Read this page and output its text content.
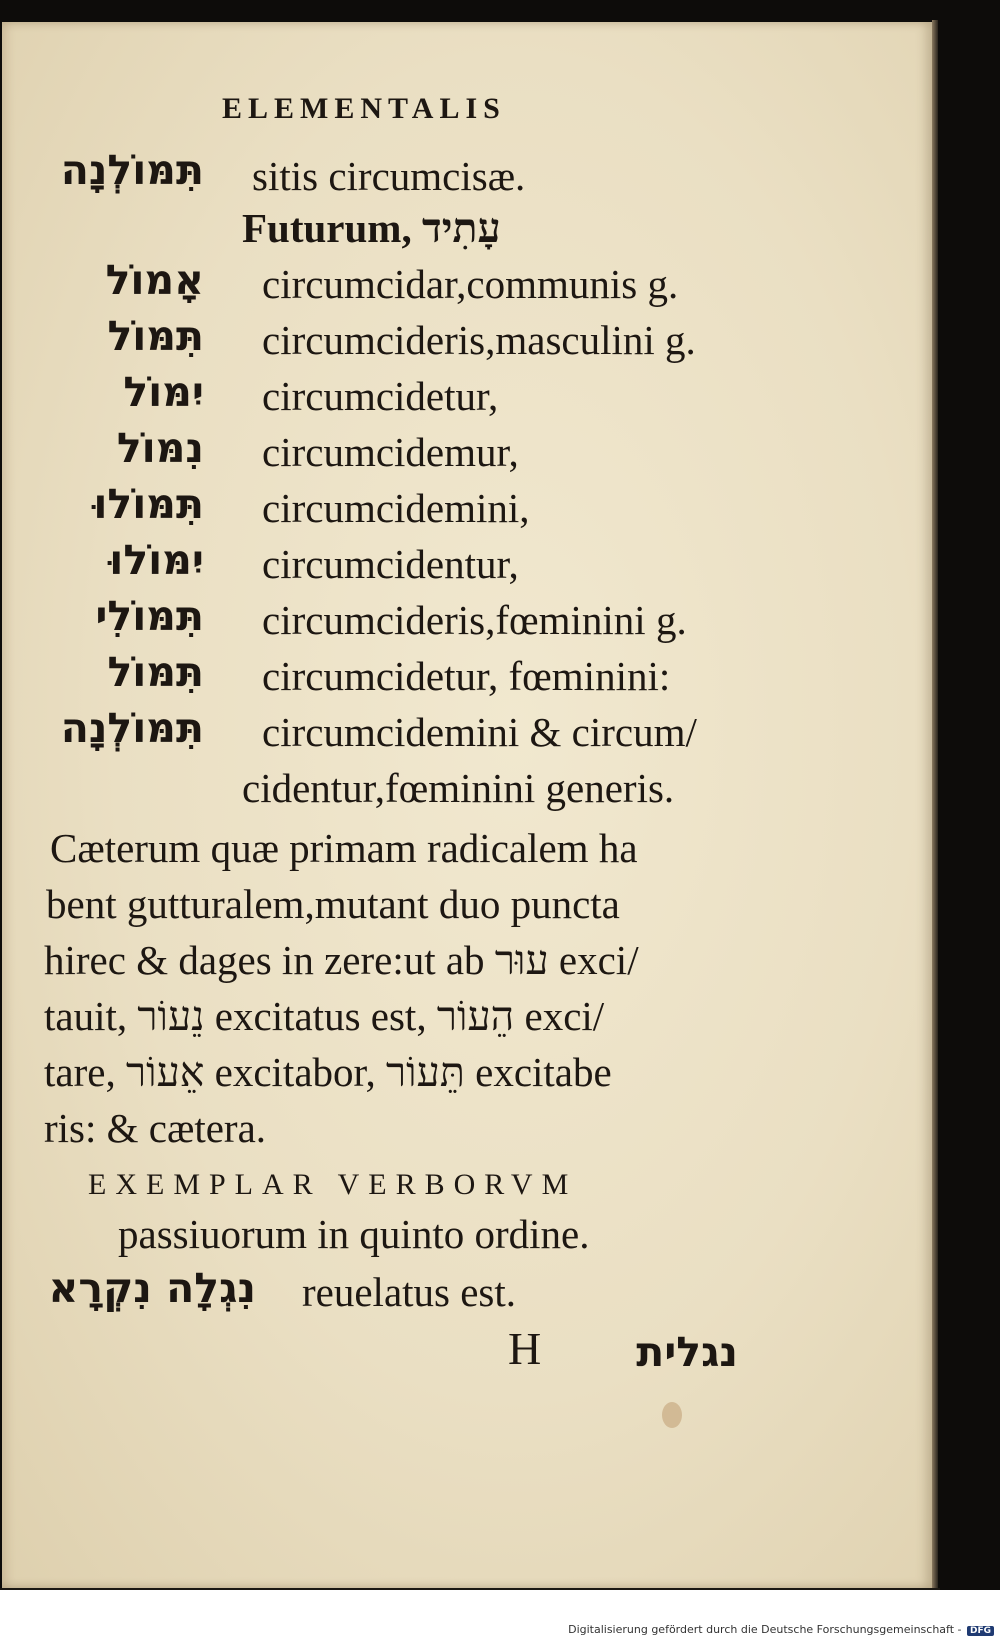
ELEMENTALIS
תִּמּוֹלְנָה sitis circumcisæ.
Futurum, עָתִיד
אָמוֹל circumcidar,communis g.
תִּמּוֹל circumcideris,masculini g.
יִמּוֹל circumcidetur,
נִמּוֹל circumcidemur,
תִּמּוֹלוּ circumcidemini,
יִמּוֹלוּ circumcidentur,
תִּמּוֹלִי circumcideris,fœminini g.
תִּמּוֹל circumcidetur, fœminini:
תִּמּוֹלְנָה circumcidemini & circum/
cidentur,fœminini generis.
Cæterum quæ primam radicalem ha
bent gutturalem,mutant duo puncta
hirec & dages in zere:ut ab עוּר exci/
tauit, נֵעוֹר excitatus est, הֵעוֹר exci/
tare, אֵעוֹר excitabor, תֵּעוֹר excitabe
ris: & cætera.
EXEMPLAR VERBORVM
passiuorum in quinto ordine.
נִגְלָה נִקְרָא reuelatus est.
H נגלית
Digitalisierung gefördert durch die Deutsche Forschungsgemeinschaft - DFG
